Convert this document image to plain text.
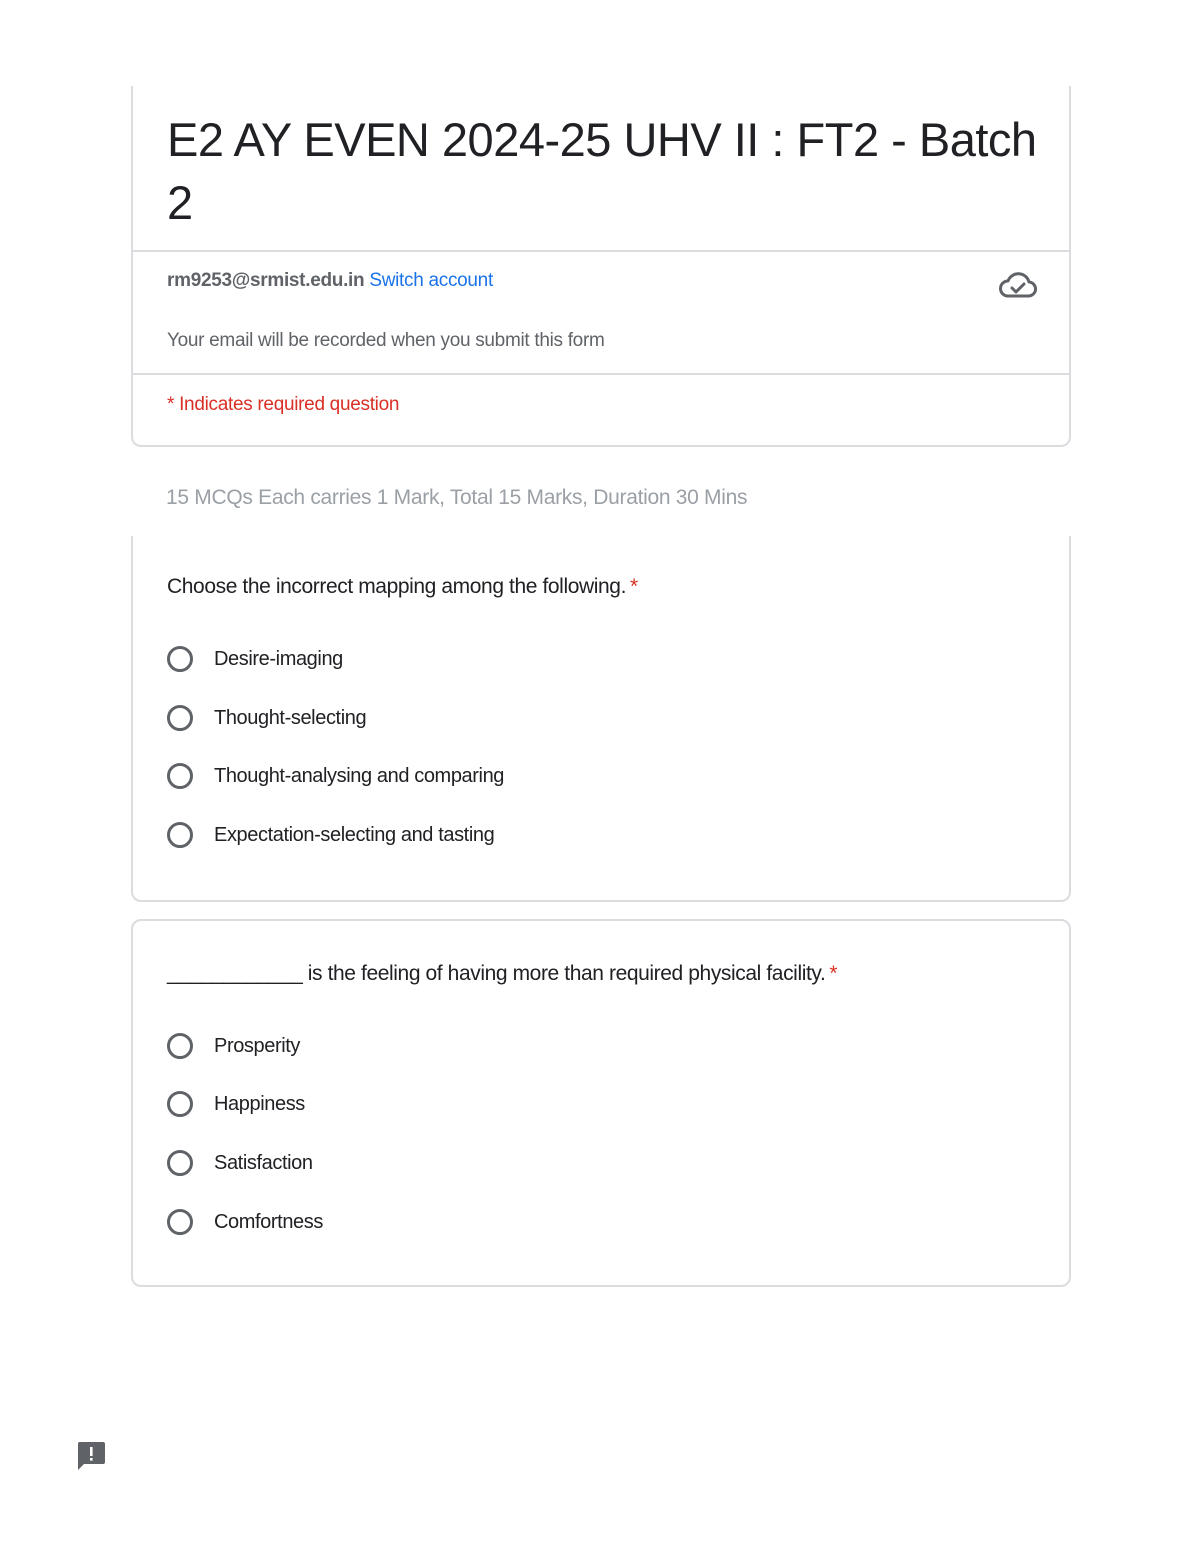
E2 AY EVEN 2024-25 UHV II : FT2 - Batch 2
rm9253@srmist.edu.in Switch account
Your email will be recorded when you submit this form
* Indicates required question
15 MCQs Each carries 1 Mark, Total 15 Marks, Duration 30 Mins
Choose the incorrect mapping among the following. *
Desire-imaging
Thought-selecting
Thought-analysing and comparing
Expectation-selecting and tasting
____________ is the feeling of having more than required physical facility. *
Prosperity
Happiness
Satisfaction
Comfortness
